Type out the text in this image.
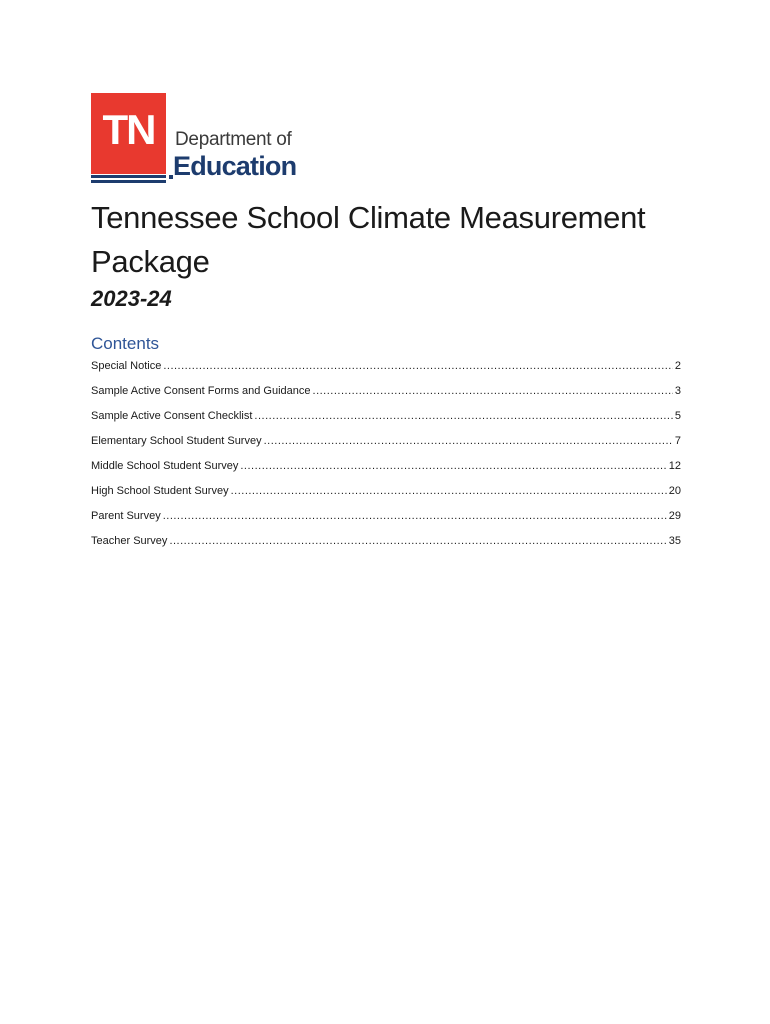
TN	Department of
Education
Tennessee School Climate Measurement Package
2023-24
Contents
Special Notice .....	2
Sample Active Consent Forms and Guidance .....	3
Sample Active Consent Checklist .....	5
Elementary School Student Survey .....	7
Middle School Student Survey .....	12
High School Student Survey .....	20
Parent Survey .....	29
Teacher Survey .....	35
